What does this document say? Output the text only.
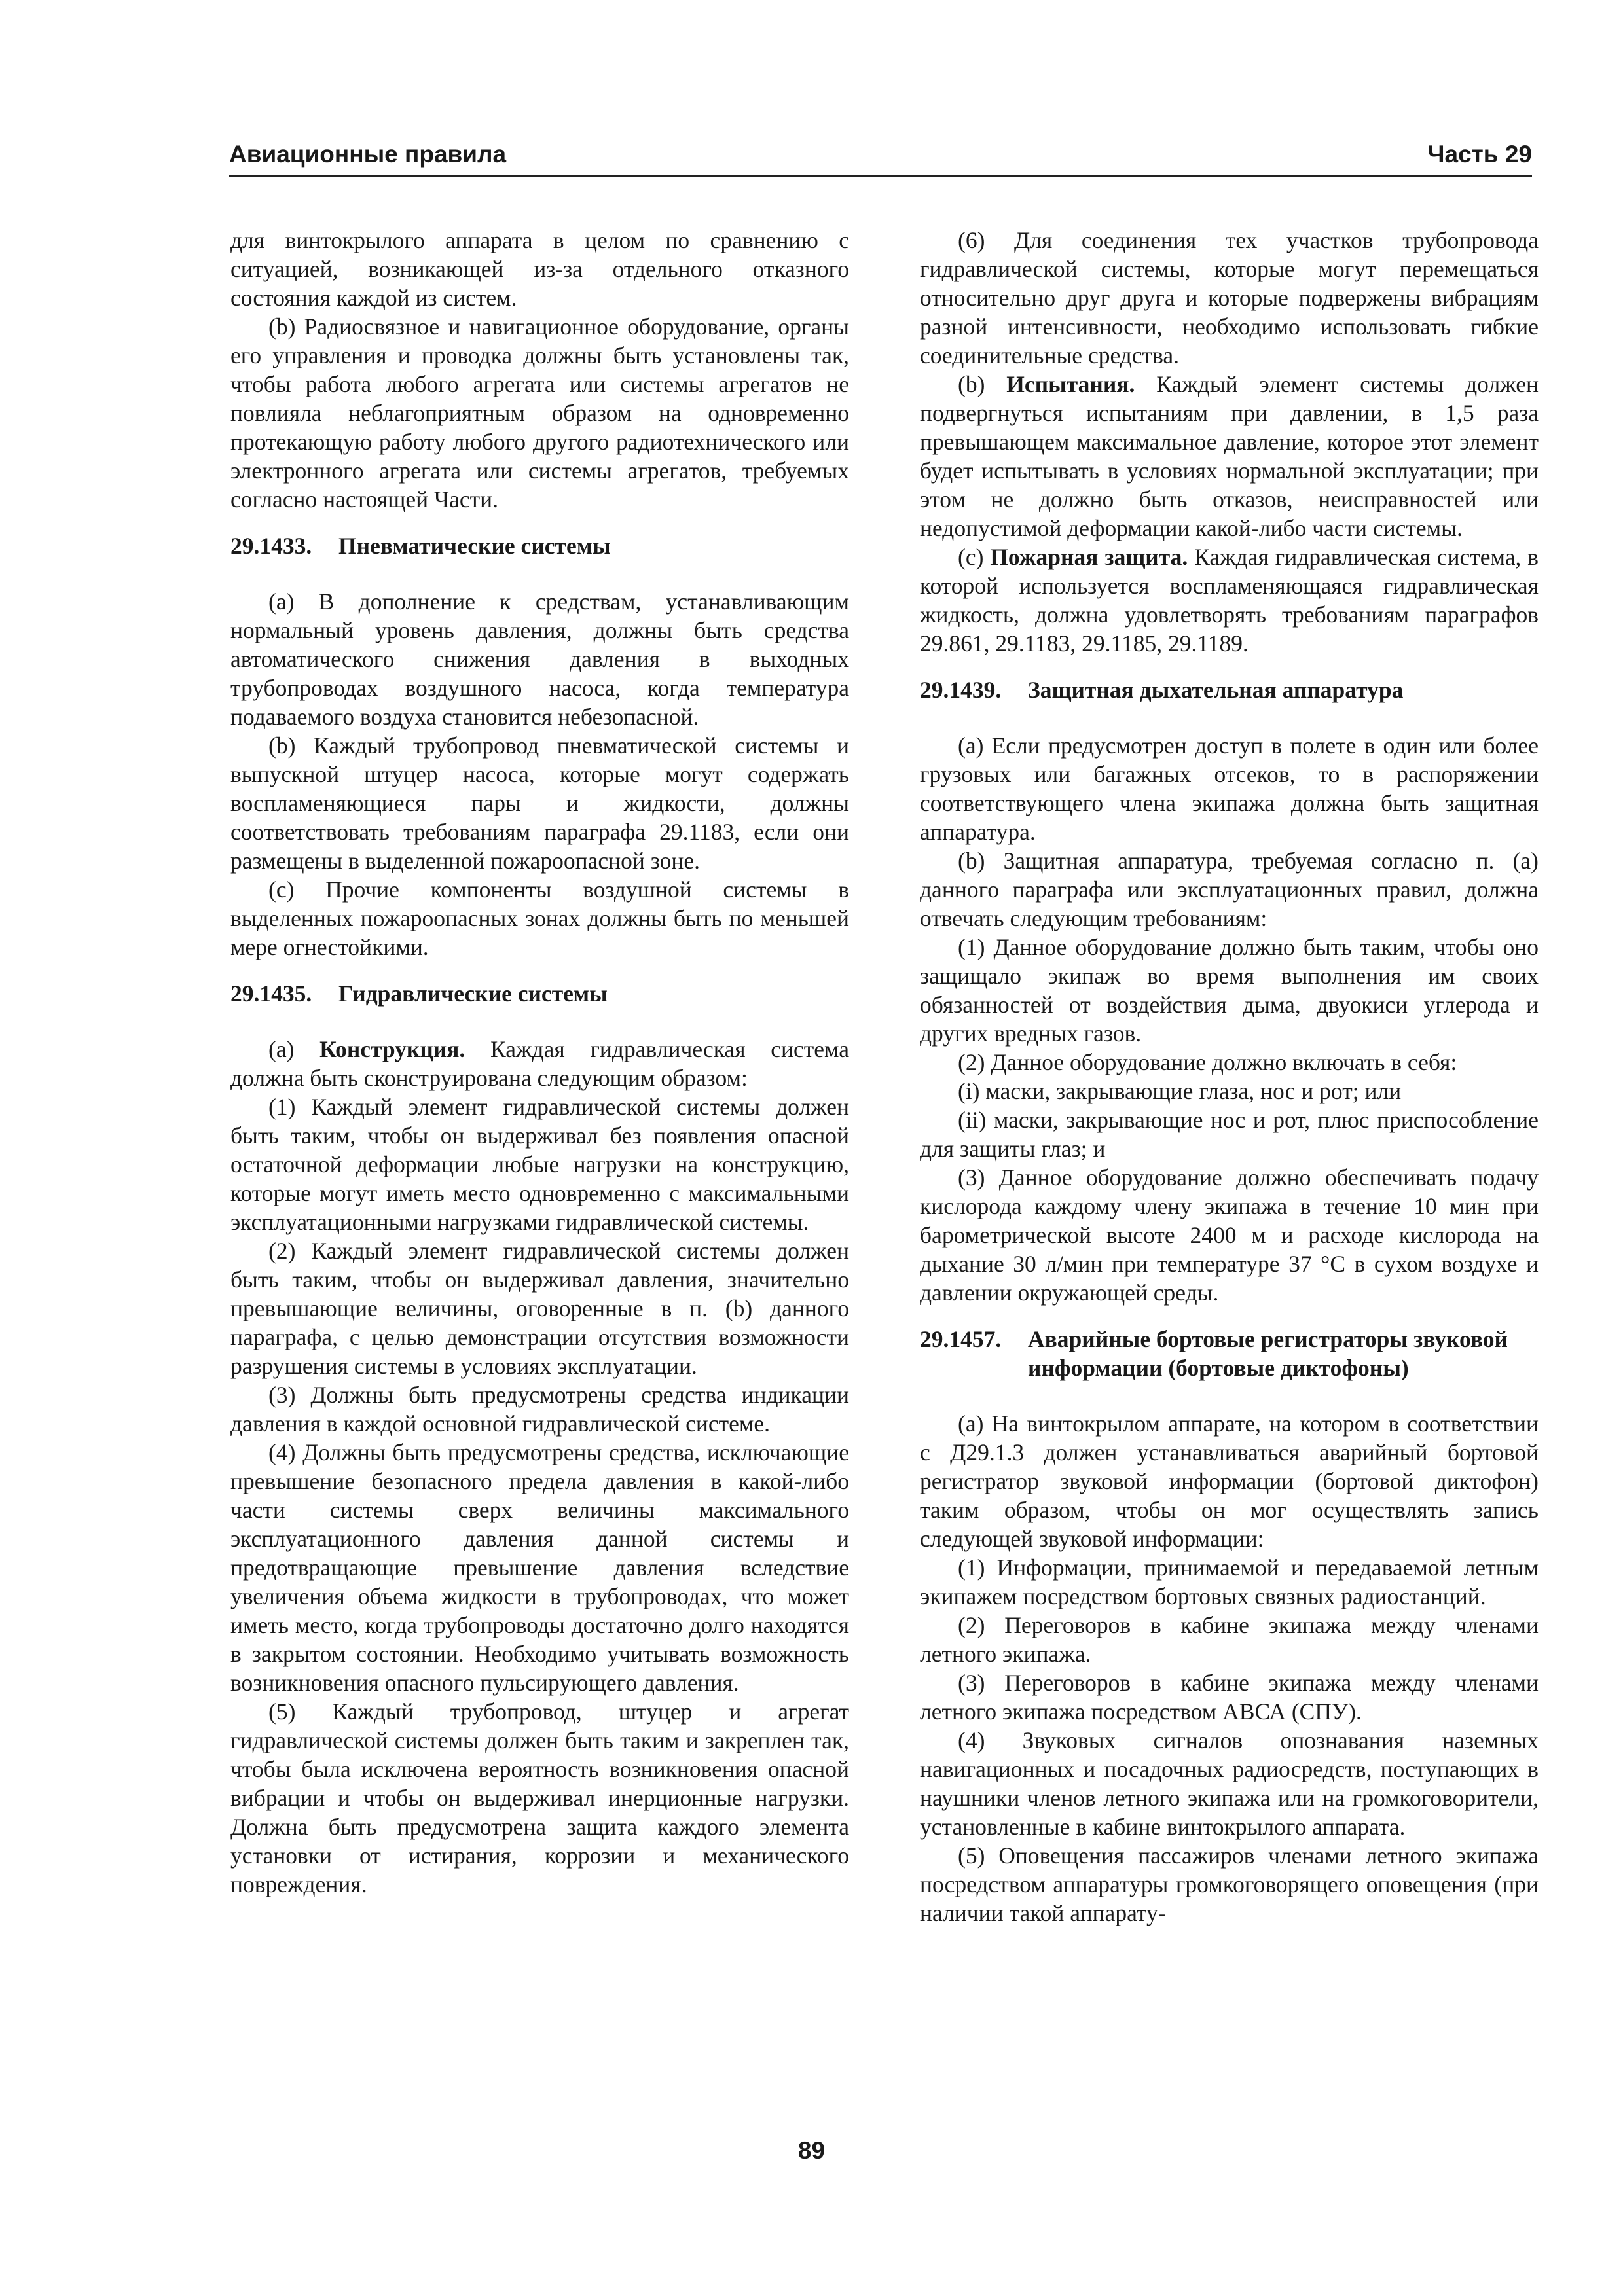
Авиационные правила	Часть 29

для винтокрылого аппарата в целом по сравнению с ситуацией, возникающей из-за отдельного отказного состояния каждой из систем.

(b) Радиосвязное и навигационное оборудование, органы его управления и проводка должны быть установлены так, чтобы работа любого агрегата или системы агрегатов не повлияла неблагоприятным образом на одновременно протекающую работу любого другого радиотехнического или электронного агрегата или системы агрегатов, требуемых согласно настоящей Части.

29.1433. Пневматические системы

(а) В дополнение к средствам, устанавливающим нормальный уровень давления, должны быть средства автоматического снижения давления в выходных трубопроводах воздушного насоса, когда температура подаваемого воздуха становится небезопасной.

(b) Каждый трубопровод пневматической системы и выпускной штуцер насоса, которые могут содержать воспламеняющиеся пары и жидкости, должны соответствовать требованиям параграфа 29.1183, если они размещены в выделенной пожароопасной зоне.

(c) Прочие компоненты воздушной системы в выделенных пожароопасных зонах должны быть по меньшей мере огнестойкими.

29.1435. Гидравлические системы

(а) Конструкция. Каждая гидравлическая система должна быть сконструирована следующим образом:

(1) Каждый элемент гидравлической системы должен быть таким, чтобы он выдерживал без появления опасной остаточной деформации любые нагрузки на конструкцию, которые могут иметь место одновременно с максимальными эксплуатационными нагрузками гидравлической системы.

(2) Каждый элемент гидравлической системы должен быть таким, чтобы он выдерживал давления, значительно превышающие величины, оговоренные в п. (b) данного параграфа, с целью демонстрации отсутствия возможности разрушения системы в условиях эксплуатации.

(3) Должны быть предусмотрены средства индикации давления в каждой основной гидравлической системе.

(4) Должны быть предусмотрены средства, исключающие превышение безопасного предела давления в какой-либо части системы сверх величины максимального эксплуатационного давления данной системы и предотвращающие превышение давления вследствие увеличения объема жидкости в трубопроводах, что может иметь место, когда трубопроводы достаточно долго находятся в закрытом состоянии. Необходимо учитывать возможность возникновения опасного пульсирующего давления.

(5) Каждый трубопровод, штуцер и агрегат гидравлической системы должен быть таким и закреплен так, чтобы была исключена вероятность возникновения опасной вибрации и чтобы он выдерживал инерционные нагрузки. Должна быть предусмотрена защита каждого элемента установки от истирания, коррозии и механического повреждения.

(6) Для соединения тех участков трубопровода гидравлической системы, которые могут перемещаться относительно друг друга и которые подвержены вибрациям разной интенсивности, необходимо использовать гибкие соединительные средства.

(b) Испытания. Каждый элемент системы должен подвергнуться испытаниям при давлении, в 1,5 раза превышающем максимальное давление, которое этот элемент будет испытывать в условиях нормальной эксплуатации; при этом не должно быть отказов, неисправностей или недопустимой деформации какой-либо части системы.

(c) Пожарная защита. Каждая гидравлическая система, в которой используется воспламеняющаяся гидравлическая жидкость, должна удовлетворять требованиям параграфов 29.861, 29.1183, 29.1185, 29.1189.

29.1439. Защитная дыхательная аппаратура

(а) Если предусмотрен доступ в полете в один или более грузовых или багажных отсеков, то в распоряжении соответствующего члена экипажа должна быть защитная аппаратура.

(b) Защитная аппаратура, требуемая согласно п. (а) данного параграфа или эксплуатационных правил, должна отвечать следующим требованиям:

(1) Данное оборудование должно быть таким, чтобы оно защищало экипаж во время выполнения им своих обязанностей от воздействия дыма, двуокиси углерода и других вредных газов.

(2) Данное оборудование должно включать в себя:

(i) маски, закрывающие глаза, нос и рот; или

(ii) маски, закрывающие нос и рот, плюс приспособление для защиты глаз; и

(3) Данное оборудование должно обеспечивать подачу кислорода каждому члену экипажа в течение 10 мин при барометрической высоте 2400 м и расходе кислорода на дыхание 30 л/мин при температуре 37 °С в сухом воздухе и давлении окружающей среды.

29.1457.	Аварийные бортовые регистраторы звуковой информации (бортовые диктофоны)

(а) На винтокрылом аппарате, на котором в соответствии с Д29.1.3 должен устанавливаться аварийный бортовой регистратор звуковой информации (бортовой диктофон) таким образом, чтобы он мог осуществлять запись следующей звуковой информации:

(1) Информации, принимаемой и передаваемой летным экипажем посредством бортовых связных радиостанций.

(2) Переговоров в кабине экипажа между членами летного экипажа.

(3) Переговоров в кабине экипажа между членами летного экипажа посредством АВСА (СПУ).

(4) Звуковых сигналов опознавания наземных навигационных и посадочных радиосредств, поступающих в наушники членов летного экипажа или на громкоговорители, установленные в кабине винтокрылого аппарата.

(5) Оповещения пассажиров членами летного экипажа посредством аппаратуры громкоговорящего оповещения (при наличии такой аппарату-

89
